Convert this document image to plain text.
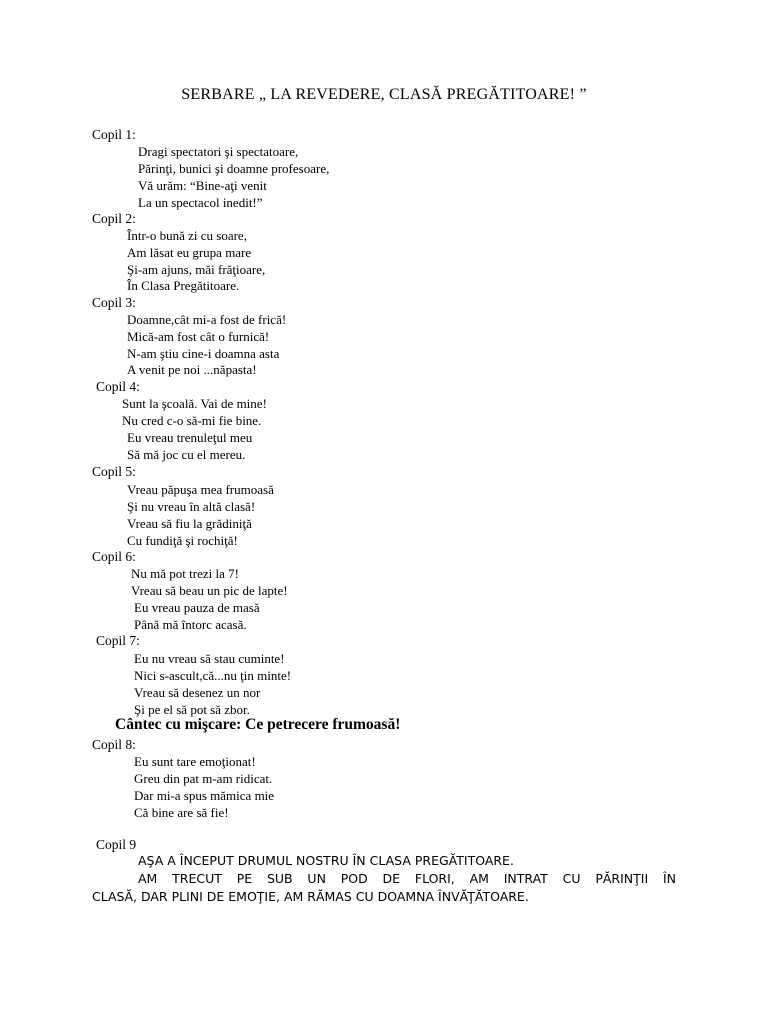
SERBARE „ LA REVEDERE, CLASĂ PREGĂTITOARE! ”
Copil 1:
Dragi spectatori şi spectatoare,
Părinţi, bunici şi doamne profesoare,
Vă urăm: “Bine-aţi venit
La un spectacol inedit!”
Copil 2:
Într-o bună zi cu soare,
Am lăsat eu grupa mare
Şi-am ajuns, măi frăţioare,
În Clasa Pregătitoare.
Copil 3:
Doamne,cât mi-a fost de frică!
Mică-am fost cât o furnică!
N-am ştiu cine-i doamna asta
A venit pe noi ...năpasta!
Copil 4:
Sunt la şcoală. Vai de mine!
Nu cred c-o să-mi fie bine.
Eu vreau trenuleţul meu
Să mă joc cu el mereu.
Copil 5:
Vreau păpuşa mea frumoasă
Şi nu vreau în altă clasă!
Vreau să fiu la grădiniţă
Cu fundiţă şi rochiţă!
Copil 6:
Nu mă pot trezi la 7!
Vreau să beau un pic de lapte!
Eu vreau pauza de masă
Până mă întorc acasă.
Copil 7:
Eu nu vreau să stau cuminte!
Nici s-ascult,că...nu ţin minte!
Vreau să desenez un nor
Şi pe el să pot să zbor.
Cântec cu mişcare: Ce petrecere frumoasă!
Copil 8:
Eu sunt tare emoţionat!
Greu din pat m-am ridicat.
Dar mi-a spus mămica mie
Că bine are să fie!
Copil 9
AŞA A ÎNCEPUT DRUMUL NOSTRU ÎN CLASA PREGĂTITOARE.
AM TRECUT PE SUB UN POD DE FLORI, AM INTRAT CU PĂRINŢII ÎN
CLASĂ, DAR PLINI DE EMOŢIE, AM RĂMAS CU DOAMNA ÎNVĂŢĂTOARE.
